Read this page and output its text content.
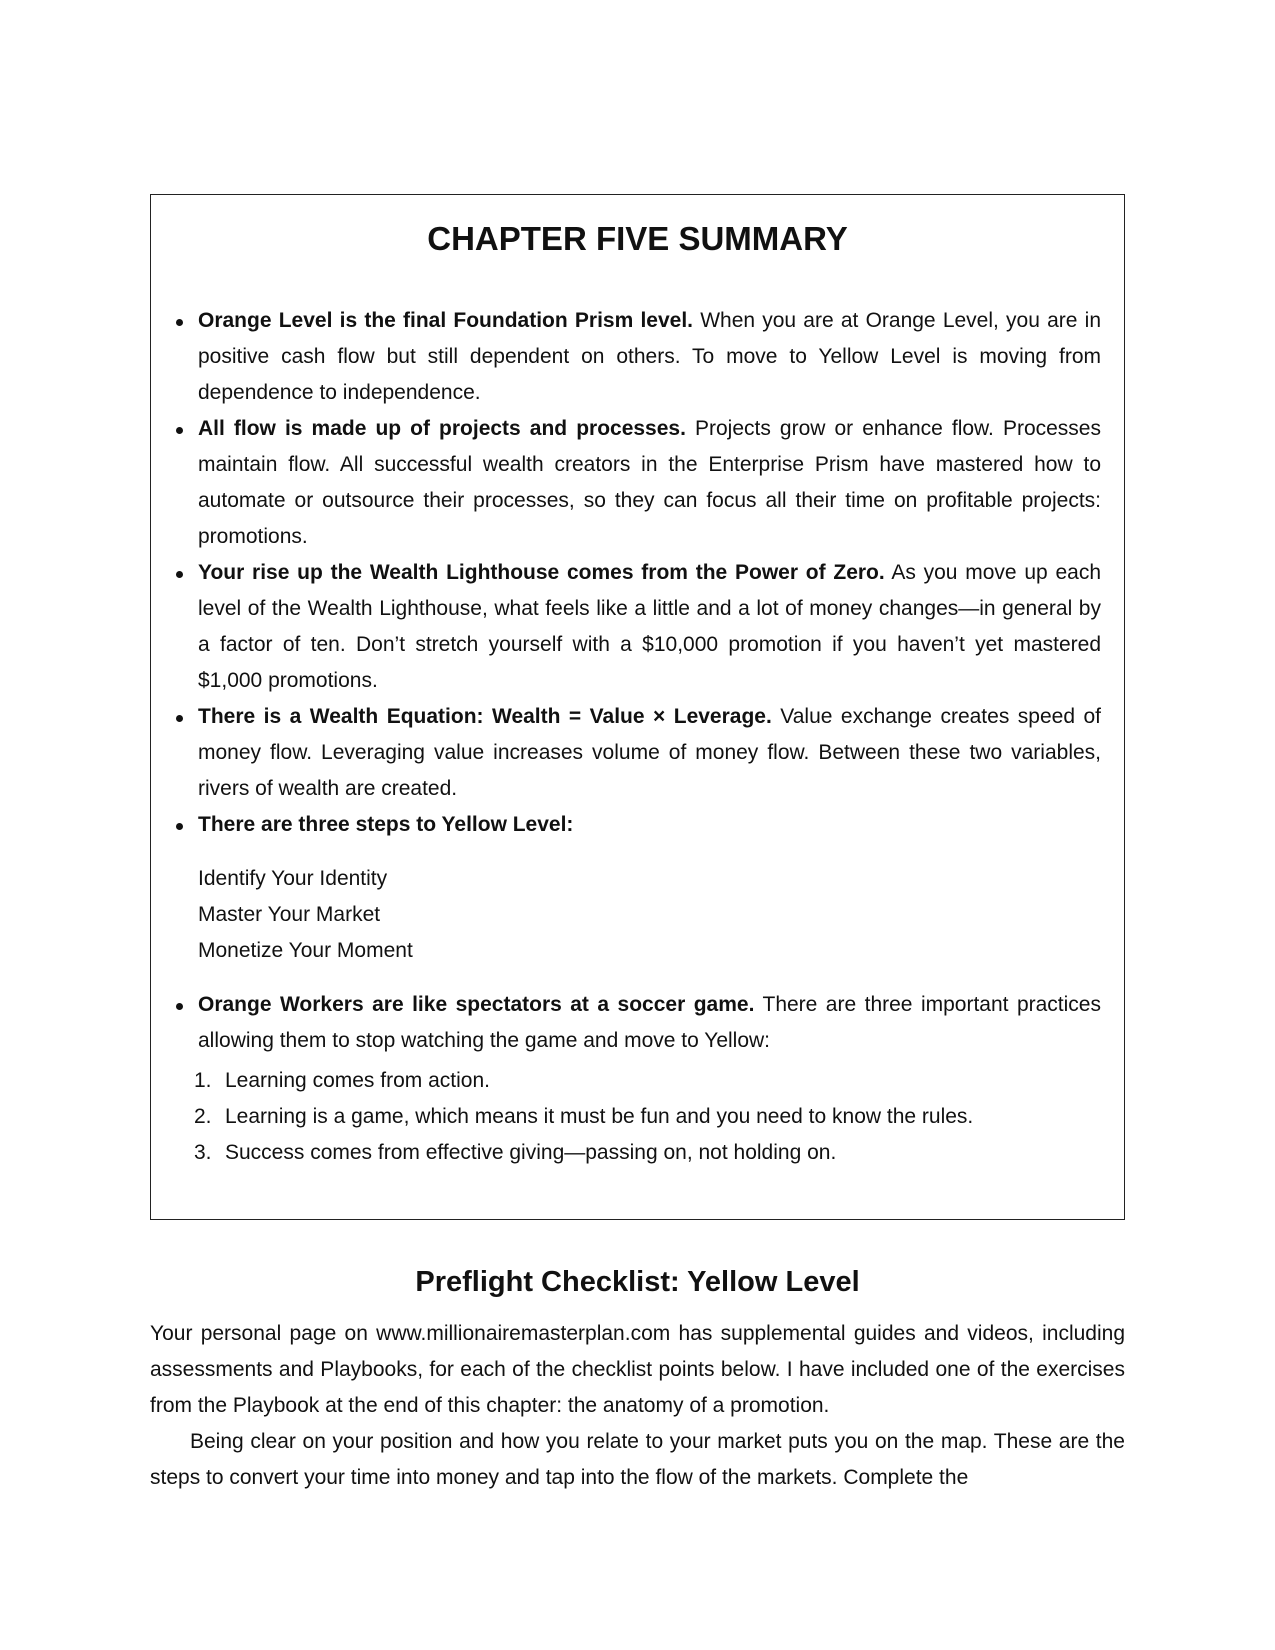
CHAPTER FIVE SUMMARY
Orange Level is the final Foundation Prism level. When you are at Orange Level, you are in positive cash flow but still dependent on others. To move to Yellow Level is moving from dependence to independence.
All flow is made up of projects and processes. Projects grow or enhance flow. Processes maintain flow. All successful wealth creators in the Enterprise Prism have mastered how to automate or outsource their processes, so they can focus all their time on profitable projects: promotions.
Your rise up the Wealth Lighthouse comes from the Power of Zero. As you move up each level of the Wealth Lighthouse, what feels like a little and a lot of money changes—in general by a factor of ten. Don’t stretch yourself with a $10,000 promotion if you haven’t yet mastered $1,000 promotions.
There is a Wealth Equation: Wealth = Value × Leverage. Value exchange creates speed of money flow. Leveraging value increases volume of money flow. Between these two variables, rivers of wealth are created.
There are three steps to Yellow Level:
Identify Your Identity
Master Your Market
Monetize Your Moment
Orange Workers are like spectators at a soccer game. There are three important practices allowing them to stop watching the game and move to Yellow:
1. Learning comes from action.
2. Learning is a game, which means it must be fun and you need to know the rules.
3. Success comes from effective giving—passing on, not holding on.
Preflight Checklist: Yellow Level

Your personal page on www.millionairemasterplan.com has supplemental guides and videos, including assessments and Playbooks, for each of the checklist points below. I have included one of the exercises from the Playbook at the end of this chapter: the anatomy of a promotion.

Being clear on your position and how you relate to your market puts you on the map. These are the steps to convert your time into money and tap into the flow of the markets. Complete the
